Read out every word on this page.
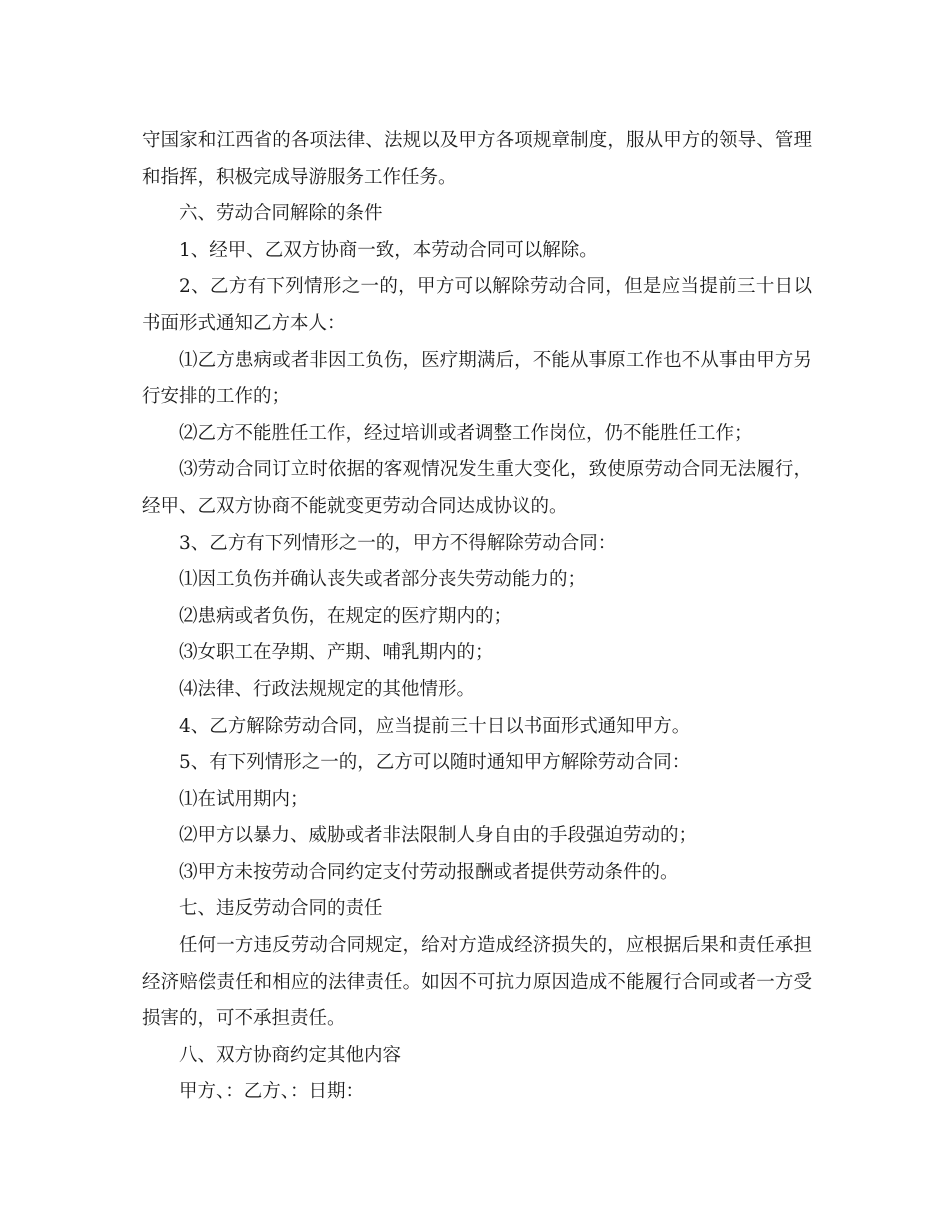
守国家和江西省的各项法律、法规以及甲方各项规章制度，服从甲方的领导、管理和指挥，积极完成导游服务工作任务。

六、劳动合同解除的条件

1、经甲、乙双方协商一致，本劳动合同可以解除。

2、乙方有下列情形之一的，甲方可以解除劳动合同，但是应当提前三十日以书面形式通知乙方本人：

⑴乙方患病或者非因工负伤，医疗期满后，不能从事原工作也不从事由甲方另行安排的工作的；

⑵乙方不能胜任工作，经过培训或者调整工作岗位，仍不能胜任工作；

⑶劳动合同订立时依据的客观情况发生重大变化，致使原劳动合同无法履行，经甲、乙双方协商不能就变更劳动合同达成协议的。

3、乙方有下列情形之一的，甲方不得解除劳动合同：

⑴因工负伤并确认丧失或者部分丧失劳动能力的；

⑵患病或者负伤，在规定的医疗期内的；

⑶女职工在孕期、产期、哺乳期内的；

⑷法律、行政法规规定的其他情形。

4、乙方解除劳动合同，应当提前三十日以书面形式通知甲方。

5、有下列情形之一的，乙方可以随时通知甲方解除劳动合同：

⑴在试用期内；

⑵甲方以暴力、威胁或者非法限制人身自由的手段强迫劳动的；

⑶甲方未按劳动合同约定支付劳动报酬或者提供劳动条件的。

七、违反劳动合同的责任

任何一方违反劳动合同规定，给对方造成经济损失的，应根据后果和责任承担经济赔偿责任和相应的法律责任。如因不可抗力原因造成不能履行合同或者一方受损害的，可不承担责任。

八、双方协商约定其他内容

甲方、：乙方、：日期：
